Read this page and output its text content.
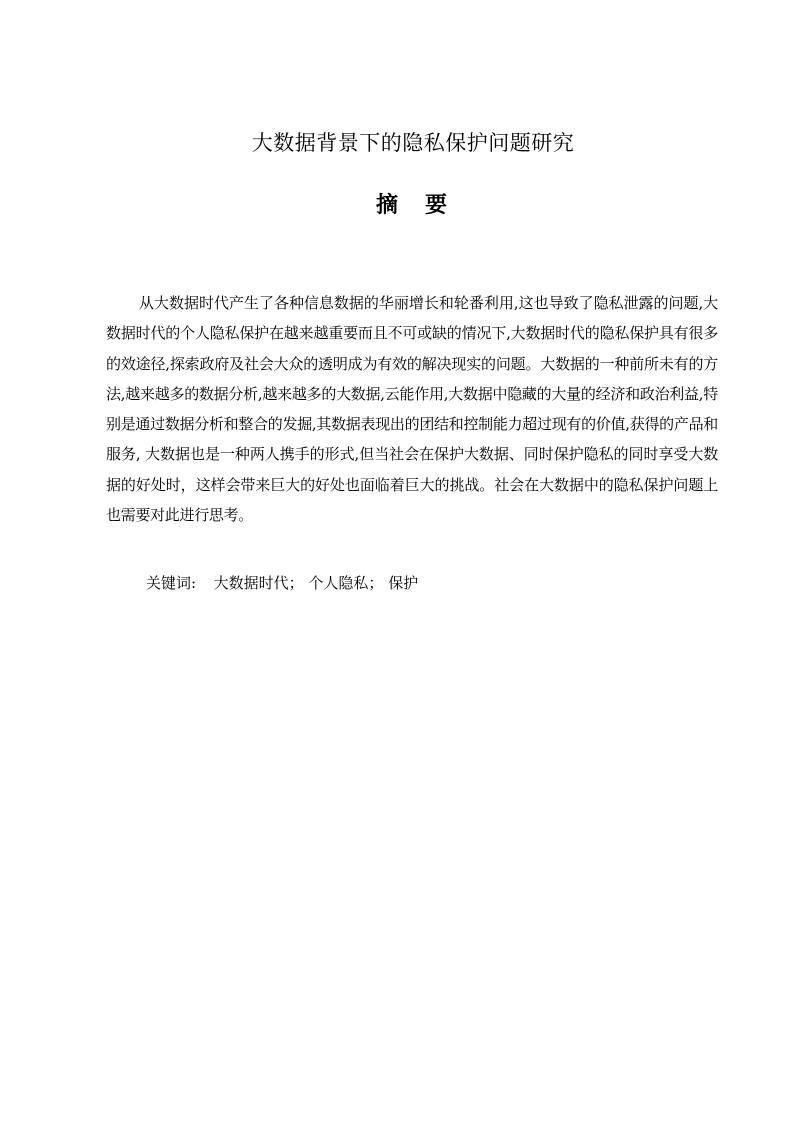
大数据背景下的隐私保护问题研究
摘 要
从大数据时代产生了各种信息数据的华丽增长和轮番利用,这也导致了隐私泄露的问题,大数据时代的个人隐私保护在越来越重要而且不可或缺的情况下,大数据时代的隐私保护具有很多的效途径,探索政府及社会大众的透明成为有效的解决现实的问题。大数据的一种前所未有的方法,越来越多的数据分析,越来越多的大数据,云能作用,大数据中隐藏的大量的经济和政治利益,特别是通过数据分析和整合的发掘,其数据表现出的团结和控制能力超过现有的价值,获得的产品和服务, 大数据也是一种两人携手的形式,但当社会在保护大数据、同时保护隐私的同时享受大数据的好处时，这样会带来巨大的好处也面临着巨大的挑战。社会在大数据中的隐私保护问题上也需要对此进行思考。
关键词: 大数据时代； 个人隐私； 保护
